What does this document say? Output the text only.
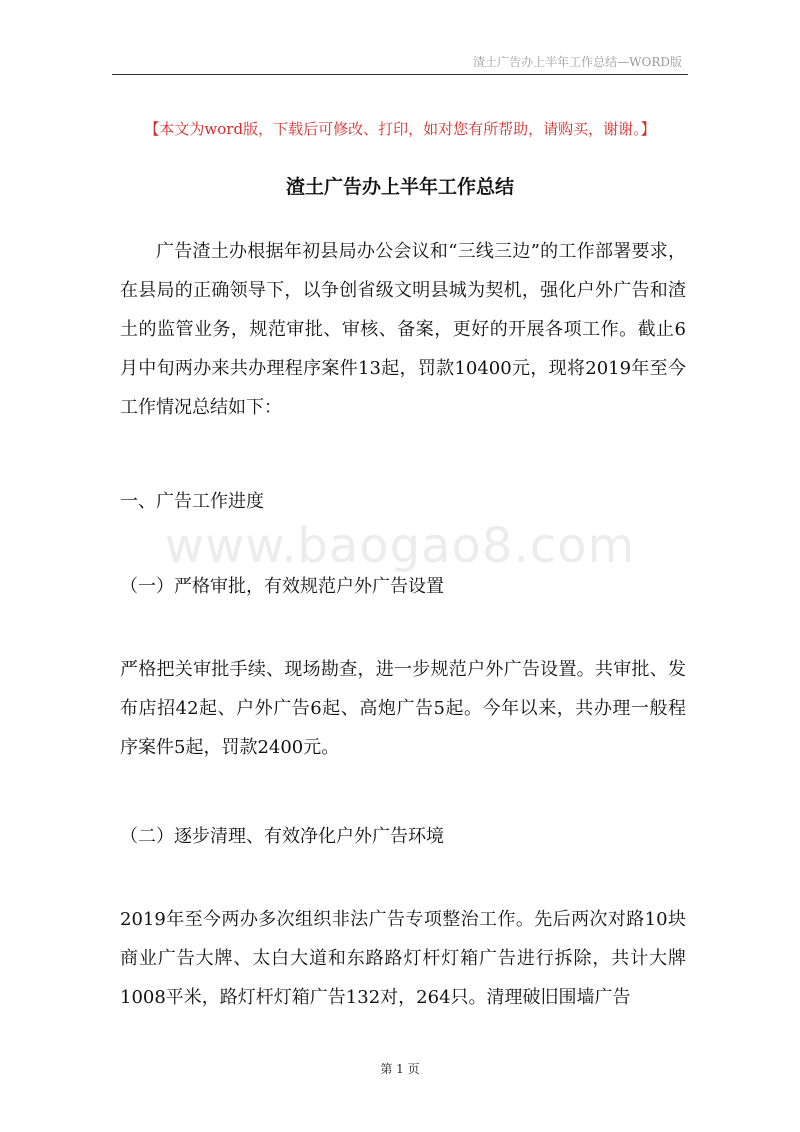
渣土广告办上半年工作总结—WORD版
【本文为word版，下载后可修改、打印，如对您有所帮助，请购买，谢谢。】
渣土广告办上半年工作总结
广告渣土办根据年初县局办公会议和“三线三边”的工作部署要求，在县局的正确领导下，以争创省级文明县城为契机，强化户外广告和渣土的监管业务，规范审批、审核、备案，更好的开展各项工作。截止6月中旬两办来共办理程序案件13起，罚款10400元，现将2019年至今工作情况总结如下：
一、广告工作进度
www.baogao8.com
（一）严格审批，有效规范户外广告设置
严格把关审批手续、现场勘查，进一步规范户外广告设置。共审批、发布店招42起、户外广告6起、高炮广告5起。今年以来，共办理一般程序案件5起，罚款2400元。
（二）逐步清理、有效净化户外广告环境
2019年至今两办多次组织非法广告专项整治工作。先后两次对路10块商业广告大牌、太白大道和东路路灯杆灯箱广告进行拆除，共计大牌1008平米，路灯杆灯箱广告132对，264只。清理破旧围墙广告
第 1 页
